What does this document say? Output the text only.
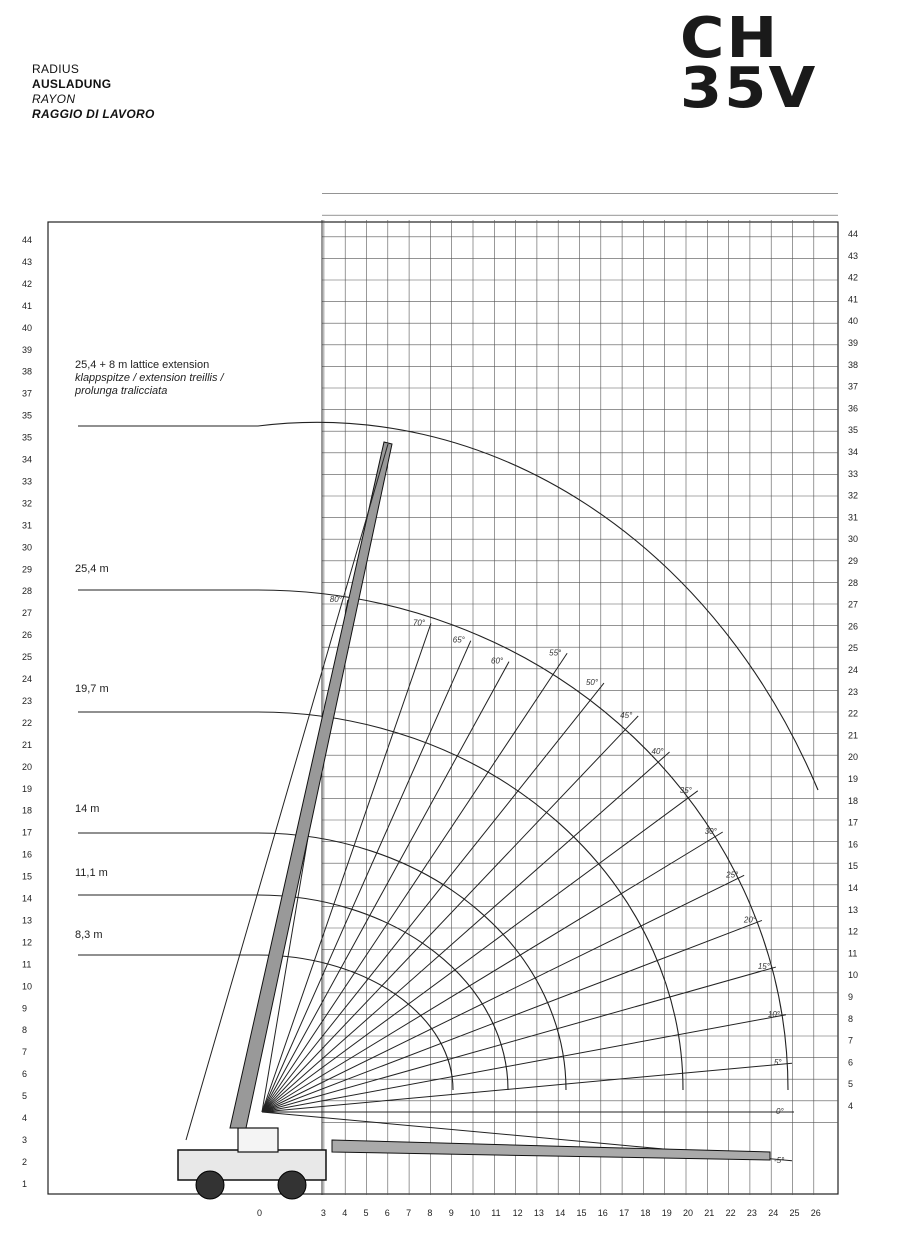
RADIUS
AUSLADUNG
RAYON
RAGGIO DI LAVORO
CH
35V
44
43
42
41
40
39
38
37
35
35
34
33
32
31
30
29
28
27
26
25
24
23
22
21
20
19
18
17
16
15
14
13
12
11
10
9
8
7
6
5
4
3
2
1
44
43
42
41
40
39
38
37
36
35
34
33
32
31
30
29
28
27
26
25
24
23
22
21
20
19
18
17
16
15
14
13
12
11
10
9
8
7
6
5
4
0	3 4 5 6 7 8 9 10 11 12 13 14 15 16 17 18 19 20 21 22 23 24 25 26
25,4 + 8 m lattice extension
klappspitze / extension treillis /
prolunga tralicciata
25,4 m
19,7 m
14 m
11,1 m
8,3 m
80°
70°
65°
60°
55°
50°
45°
40°
35°
30°
25°
20°
15°
10°
5°
0°
-5°
